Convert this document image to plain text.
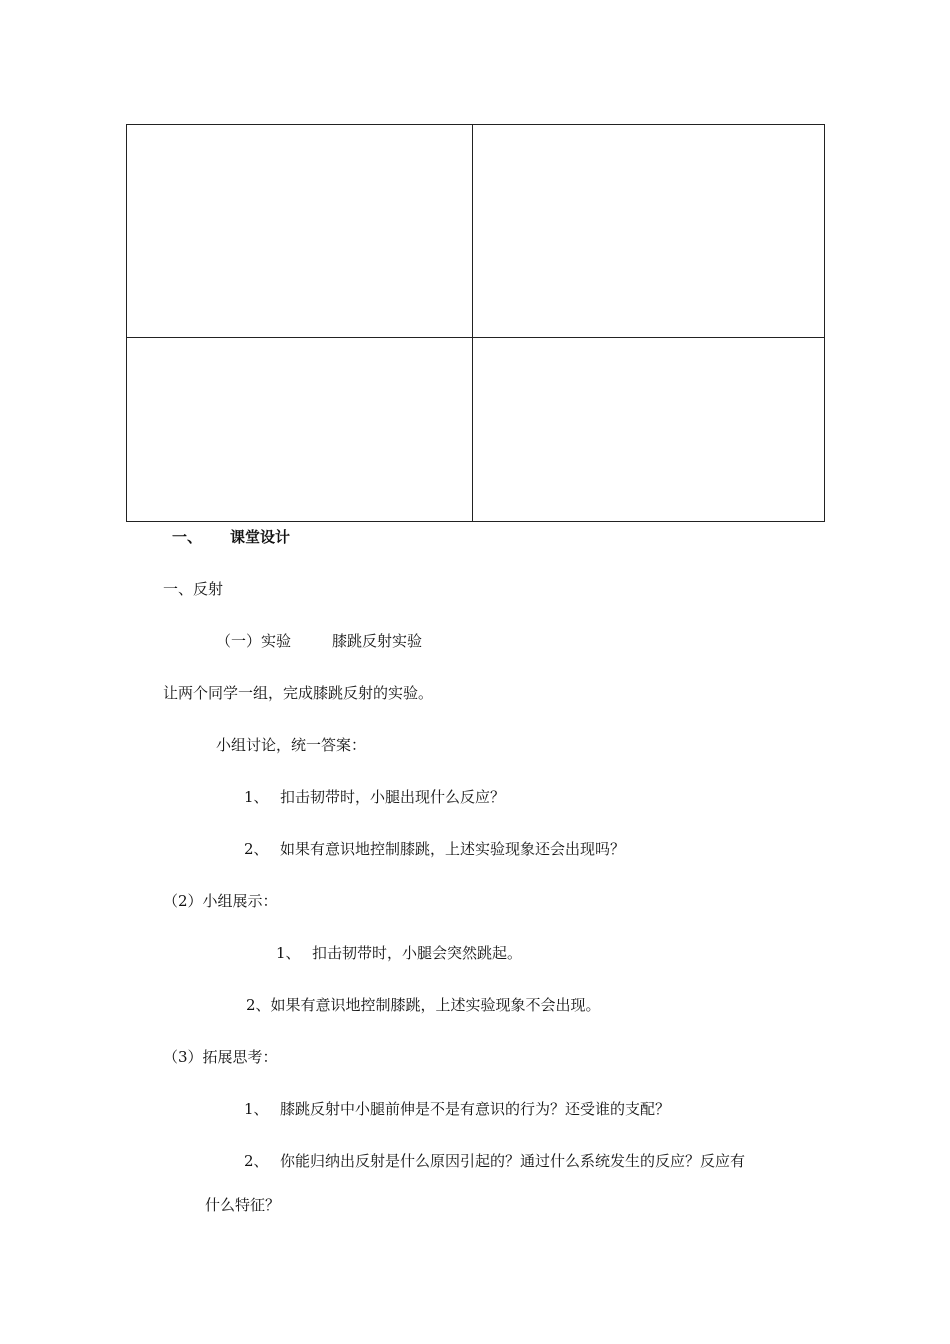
一、 课堂设计
一、反射
（一）实验	膝跳反射实验
让两个同学一组，完成膝跳反射的实验。
小组讨论，统一答案：
1、 扣击韧带时，小腿出现什么反应？
2、 如果有意识地控制膝跳，上述实验现象还会出现吗？
（2）小组展示：
1、 扣击韧带时，小腿会突然跳起。
2、如果有意识地控制膝跳，上述实验现象不会出现。
（3）拓展思考：
1、 膝跳反射中小腿前伸是不是有意识的行为？还受谁的支配？
2、 你能归纳出反射是什么原因引起的？通过什么系统发生的反应？反应有
什么特征？
